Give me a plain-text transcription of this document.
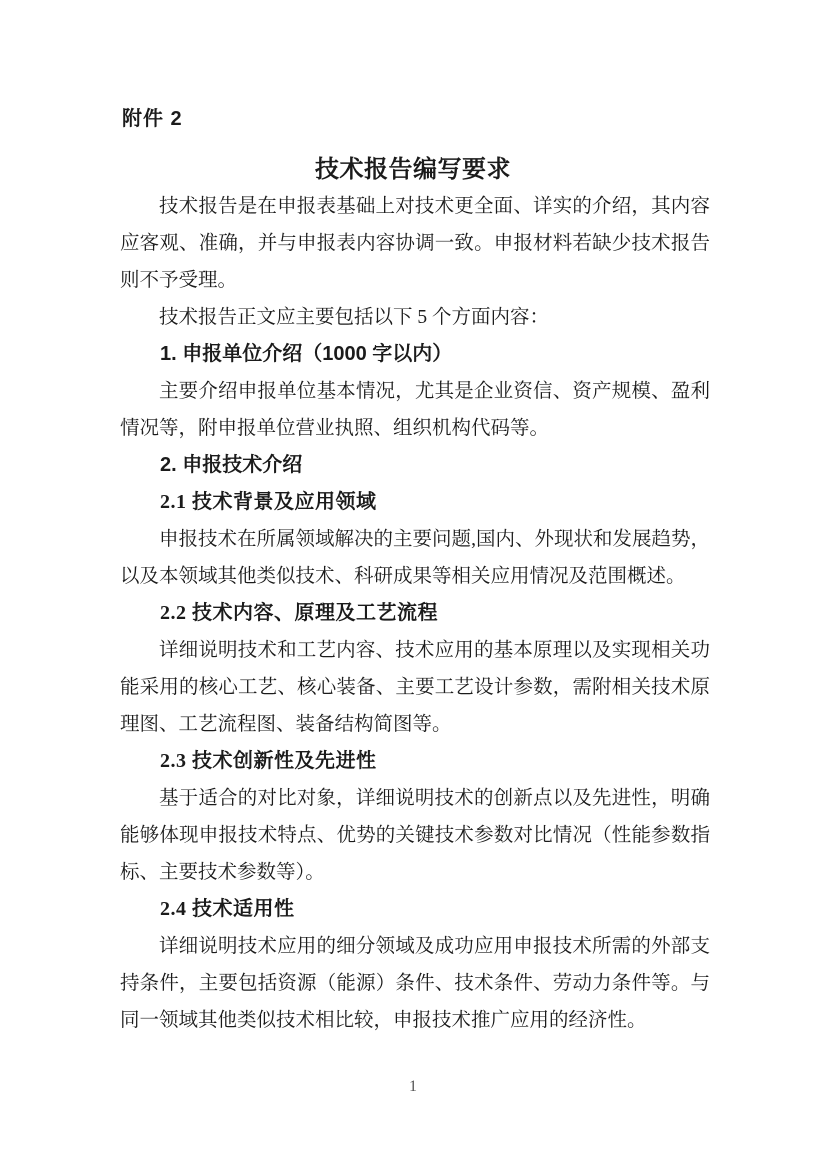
附件 2

技术报告编写要求

技术报告是在申报表基础上对技术更全面、详实的介绍，其内容应客观、准确，并与申报表内容协调一致。申报材料若缺少技术报告则不予受理。

技术报告正文应主要包括以下 5 个方面内容：

1. 申报单位介绍（1000 字以内）

主要介绍申报单位基本情况，尤其是企业资信、资产规模、盈利情况等，附申报单位营业执照、组织机构代码等。

2. 申报技术介绍

2.1 技术背景及应用领域

申报技术在所属领域解决的主要问题,国内、外现状和发展趋势，以及本领域其他类似技术、科研成果等相关应用情况及范围概述。

2.2 技术内容、原理及工艺流程

详细说明技术和工艺内容、技术应用的基本原理以及实现相关功能采用的核心工艺、核心装备、主要工艺设计参数，需附相关技术原理图、工艺流程图、装备结构简图等。

2.3 技术创新性及先进性

基于适合的对比对象，详细说明技术的创新点以及先进性，明确能够体现申报技术特点、优势的关键技术参数对比情况（性能参数指标、主要技术参数等）。

2.4 技术适用性

详细说明技术应用的细分领域及成功应用申报技术所需的外部支持条件，主要包括资源（能源）条件、技术条件、劳动力条件等。与同一领域其他类似技术相比较，申报技术推广应用的经济性。

1
